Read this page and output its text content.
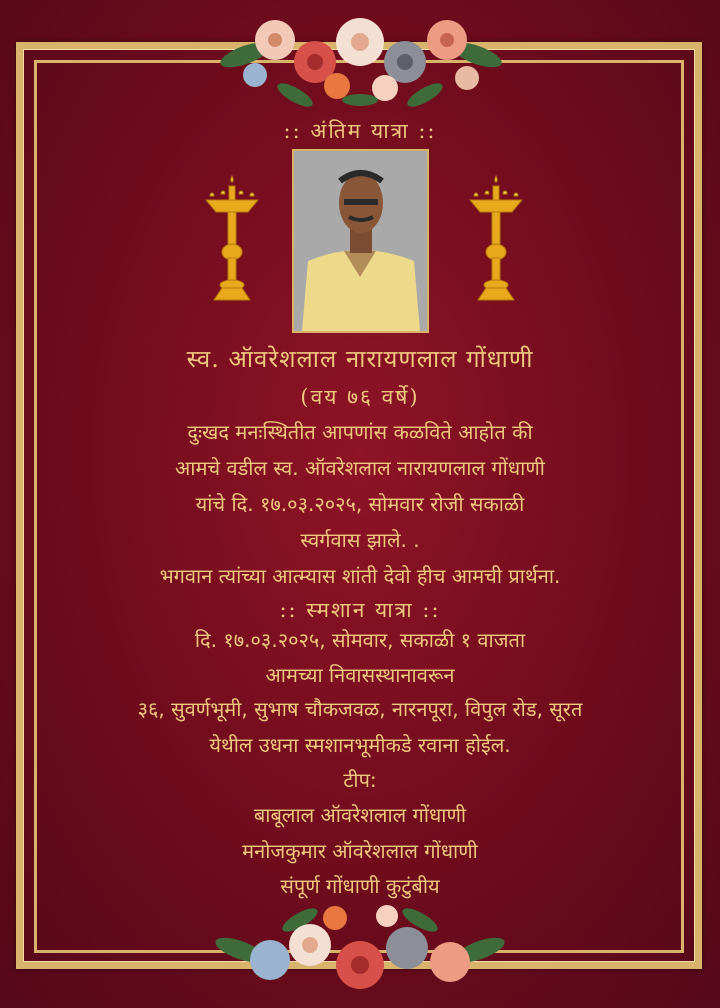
:: अंतिम यात्रा ::
स्व. ऑवरेशलाल नारायणलाल गोंधाणी
(वय ७६ वर्षे)
दुःखद मनःस्थितीत आपणांस कळविते आहोत की
आमचे वडील स्व. ऑवरेशलाल नारायणलाल गोंधाणी
यांचे दि. १७.०३.२०२५, सोमवार रोजी सकाळी
स्वर्गवास झाले. .
भगवान त्यांच्या आत्म्यास शांती देवो हीच आमची प्रार्थना.
:: स्मशान यात्रा ::
दि. १७.०३.२०२५, सोमवार, सकाळी १ वाजता
आमच्या निवासस्थानावरून
३६, सुवर्णभूमी, सुभाष चौकजवळ, नारनपूरा, विपुल रोड, सूरत
येथील उधना स्मशानभूमीकडे रवाना होईल.
टीप:
बाबूलाल ऑवरेशलाल गोंधाणी
मनोजकुमार ऑवरेशलाल गोंधाणी
संपूर्ण गोंधाणी कुटुंबीय
